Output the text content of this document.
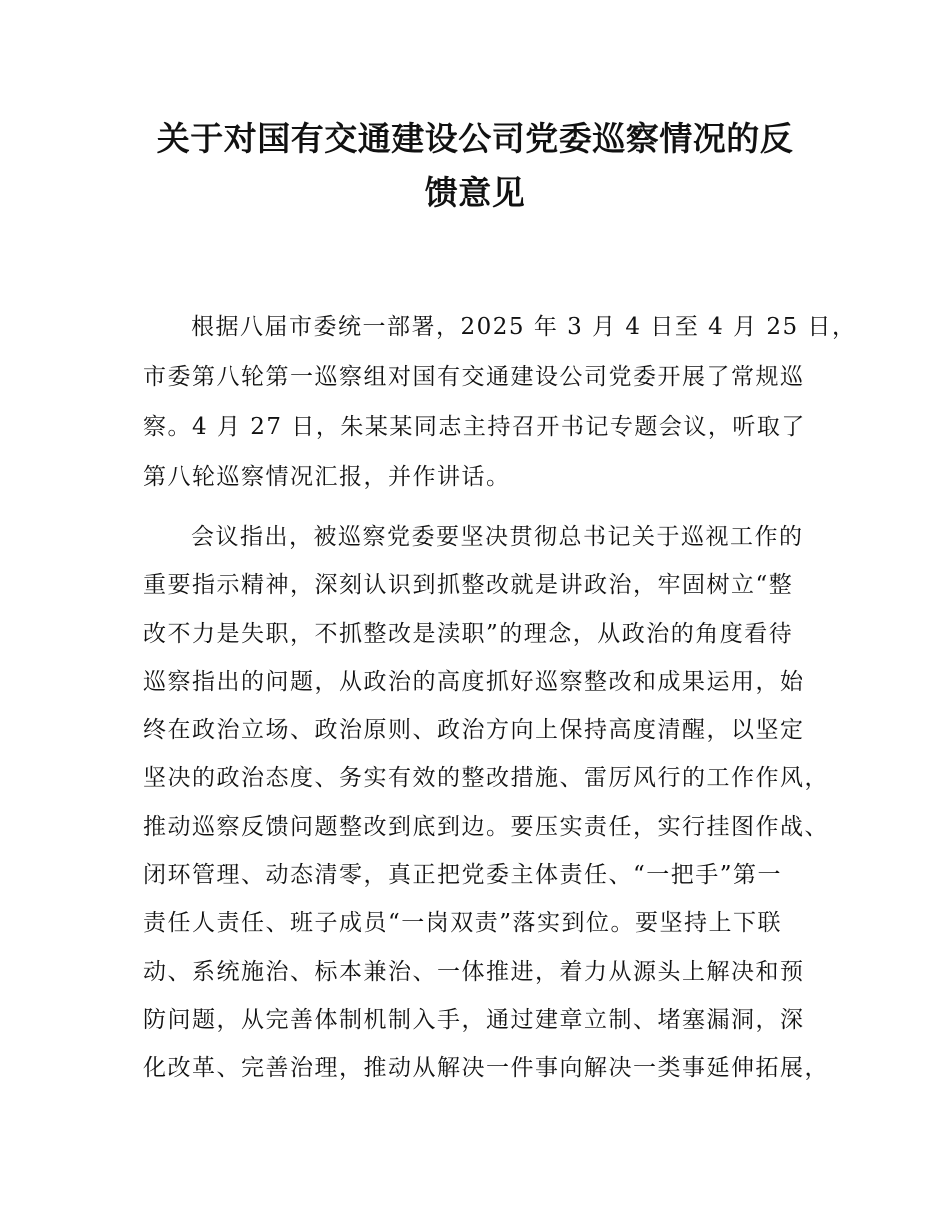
关于对国有交通建设公司党委巡察情况的反
馈意见
根据八届市委统一部署，2025 年 3 月 4 日至 4 月 25 日，
市委第八轮第一巡察组对国有交通建设公司党委开展了常规巡
察。4 月 27 日，朱某某同志主持召开书记专题会议，听取了
第八轮巡察情况汇报，并作讲话。
会议指出，被巡察党委要坚决贯彻总书记关于巡视工作的
重要指示精神，深刻认识到抓整改就是讲政治，牢固树立“整
改不力是失职，不抓整改是渎职”的理念，从政治的角度看待
巡察指出的问题，从政治的高度抓好巡察整改和成果运用，始
终在政治立场、政治原则、政治方向上保持高度清醒，以坚定
坚决的政治态度、务实有效的整改措施、雷厉风行的工作作风，
推动巡察反馈问题整改到底到边。要压实责任，实行挂图作战、
闭环管理、动态清零，真正把党委主体责任、“一把手”第一
责任人责任、班子成员“一岗双责”落实到位。要坚持上下联
动、系统施治、标本兼治、一体推进，着力从源头上解决和预
防问题，从完善体制机制入手，通过建章立制、堵塞漏洞，深
化改革、完善治理，推动从解决一件事向解决一类事延伸拓展，
